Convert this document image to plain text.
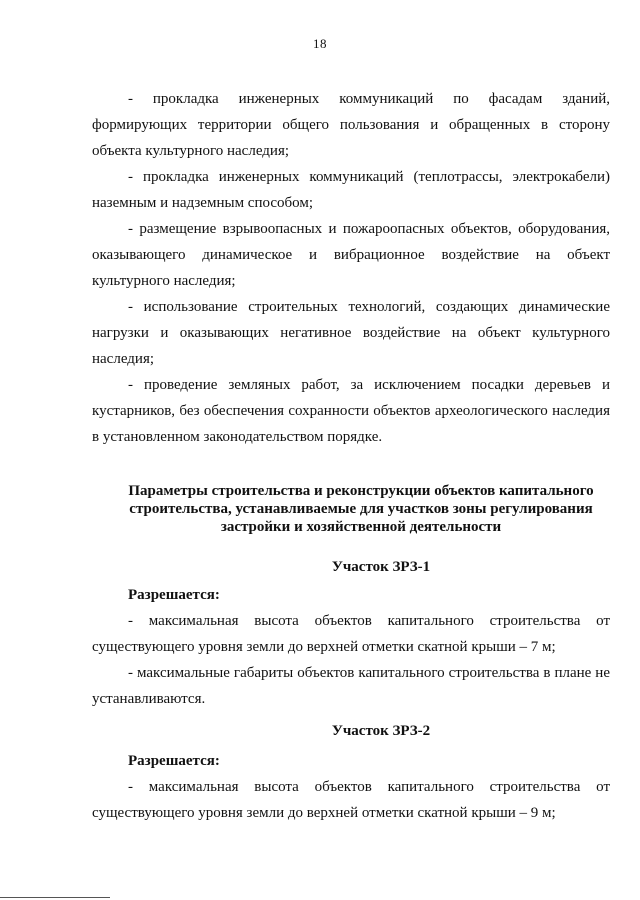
18

- прокладка инженерных коммуникаций по фасадам зданий, формирующих территории общего пользования и обращенных в сторону объекта культурного наследия;

- прокладка инженерных коммуникаций (теплотрассы, электрокабели) наземным и надземным способом;

- размещение взрывоопасных и пожароопасных объектов, оборудования, оказывающего динамическое и вибрационное воздействие на объект культурного наследия;

- использование строительных технологий, создающих динамические нагрузки и оказывающих негативное воздействие на объект культурного наследия;

- проведение земляных работ, за исключением посадки деревьев и кустарников, без обеспечения сохранности объектов археологического наследия в установленном законодательством порядке.

Параметры строительства и реконструкции объектов капитального строительства, устанавливаемые для участков зоны регулирования застройки и хозяйственной деятельности
Участок ЗРЗ-1
Разрешается:

- максимальная высота объектов капитального строительства от существующего уровня земли до верхней отметки скатной крыши – 7 м;

- максимальные габариты объектов капитального строительства в плане не устанавливаются.

Участок ЗРЗ-2
Разрешается:

- максимальная высота объектов капитального строительства от существующего уровня земли до верхней отметки скатной крыши – 9 м;
